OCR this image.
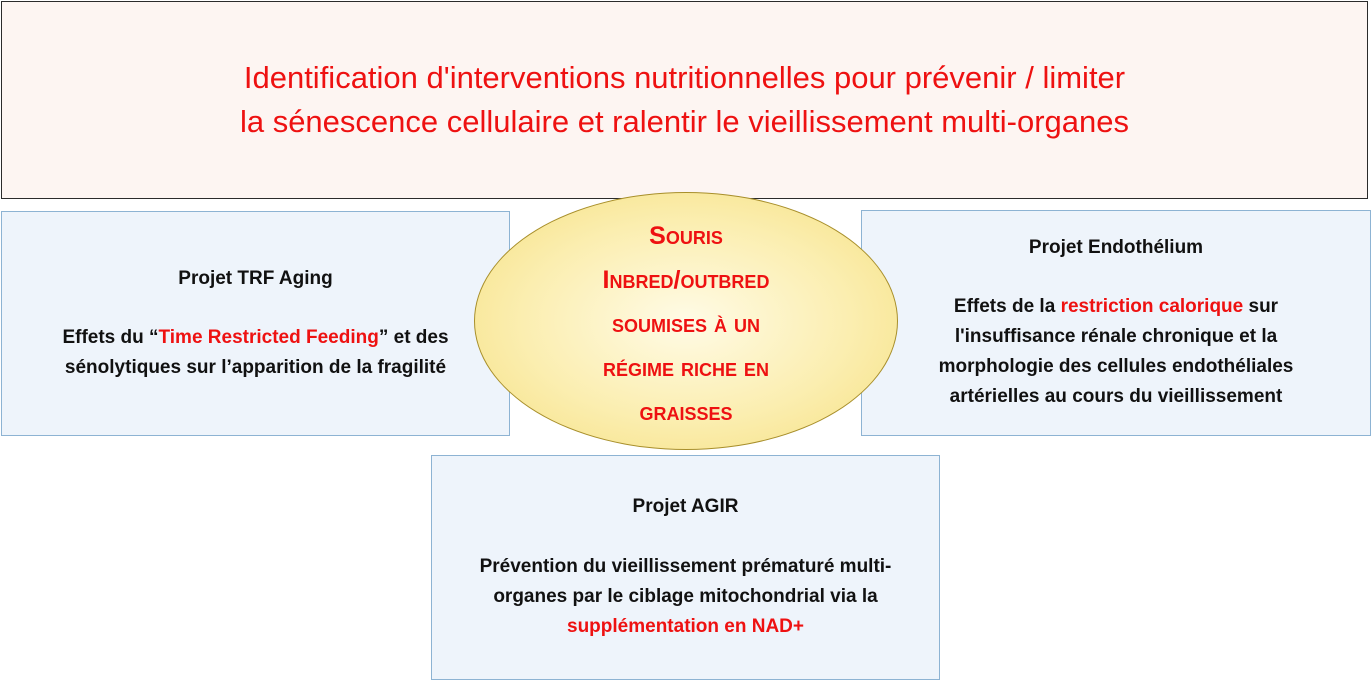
Identification d'interventions nutritionnelles pour prévenir / limiter
la sénescence cellulaire et ralentir le vieillissement multi-organes
Projet TRF Aging
Effets du “Time Restricted Feeding” et des
sénolytiques sur l’apparition de la fragilité
Projet Endothélium
Effets de la restriction calorique sur
l'insuffisance rénale chronique et la
morphologie des cellules endothéliales
artérielles au cours du vieillissement
Projet AGIR
Prévention du vieillissement prématuré multi-
organes par le ciblage mitochondrial via la
supplémentation en NAD+
Souris
Inbred/outbred
soumises à un
régime riche en
graisses
